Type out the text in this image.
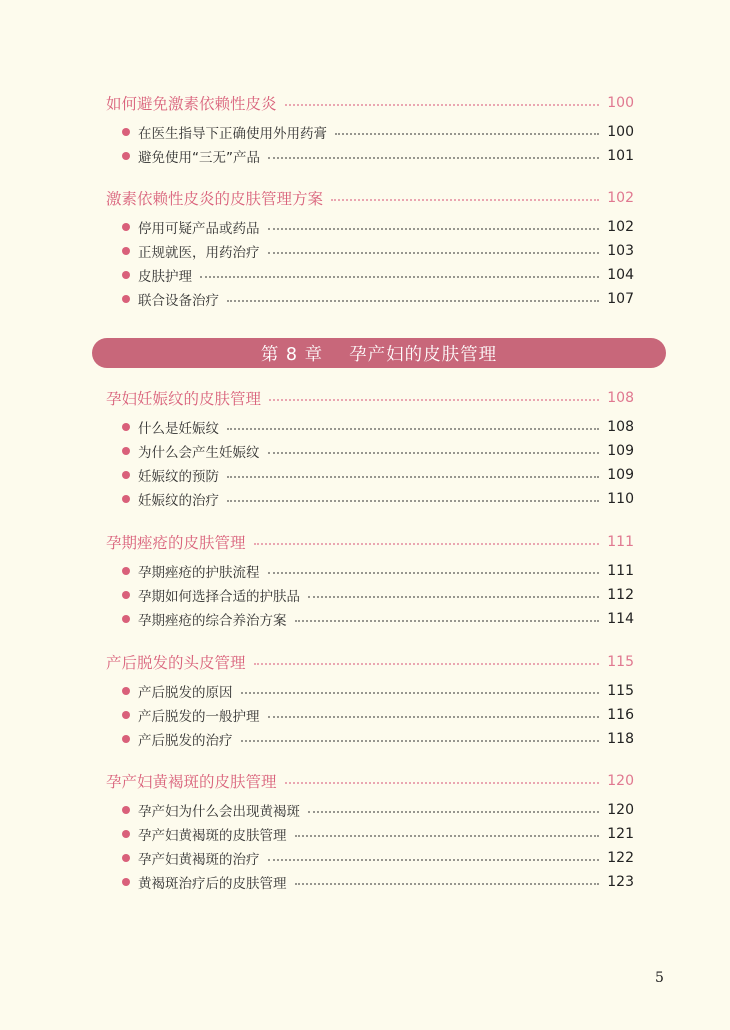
如何避免激素依赖性皮炎	100
在医生指导下正确使用外用药膏	100
避免使用“三无”产品	101
激素依赖性皮炎的皮肤管理方案	102
停用可疑产品或药品	102
正规就医，用药治疗	103
皮肤护理	104
联合设备治疗	107
第 8 章 孕产妇的皮肤管理
孕妇妊娠纹的皮肤管理	108
什么是妊娠纹	108
为什么会产生妊娠纹	109
妊娠纹的预防	109
妊娠纹的治疗	110
孕期痤疮的皮肤管理	111
孕期痤疮的护肤流程	111
孕期如何选择合适的护肤品	112
孕期痤疮的综合养治方案	114
产后脱发的头皮管理	115
产后脱发的原因	115
产后脱发的一般护理	116
产后脱发的治疗	118
孕产妇黄褐斑的皮肤管理	120
孕产妇为什么会出现黄褐斑	120
孕产妇黄褐斑的皮肤管理	121
孕产妇黄褐斑的治疗	122
黄褐斑治疗后的皮肤管理	123
5
